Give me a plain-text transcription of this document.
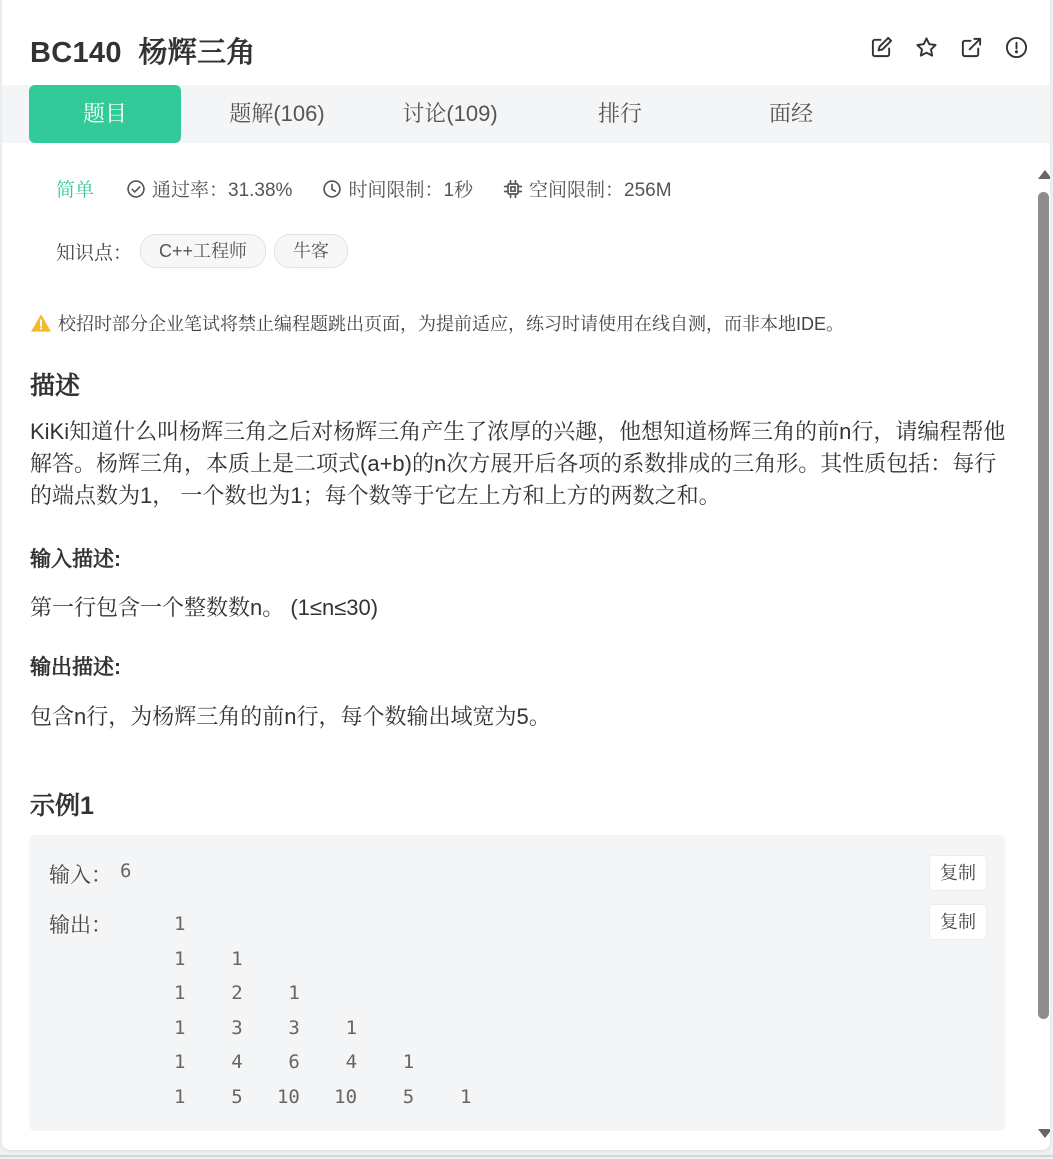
BC140  杨辉三角
题目	题解(106)	讨论(109)	排行	面经
简单	通过率：31.38%	时间限制：1秒	空间限制：256M
知识点：	C++工程师	牛客
校招时部分企业笔试将禁止编程题跳出页面，为提前适应，练习时请使用在线自测，而非本地IDE。
描述
KiKi知道什么叫杨辉三角之后对杨辉三角产生了浓厚的兴趣，他想知道杨辉三角的前n行，请编程帮他解答。杨辉三角，本质上是二项式(a+b)的n次方展开后各项的系数排成的三角形。其性质包括：每行的端点数为1， 一个数也为1；每个数等于它左上方和上方的两数之和。
输入描述:
第一行包含一个整数数n。 (1≤n≤30)
输出描述:
包含n行，为杨辉三角的前n行，每个数输出域宽为5。
示例1
输入： 6	复制
输出：	1
1    1
1    2    1
1    3    3    1
1    4    6    4    1
1    5   10   10    5    1
复制
